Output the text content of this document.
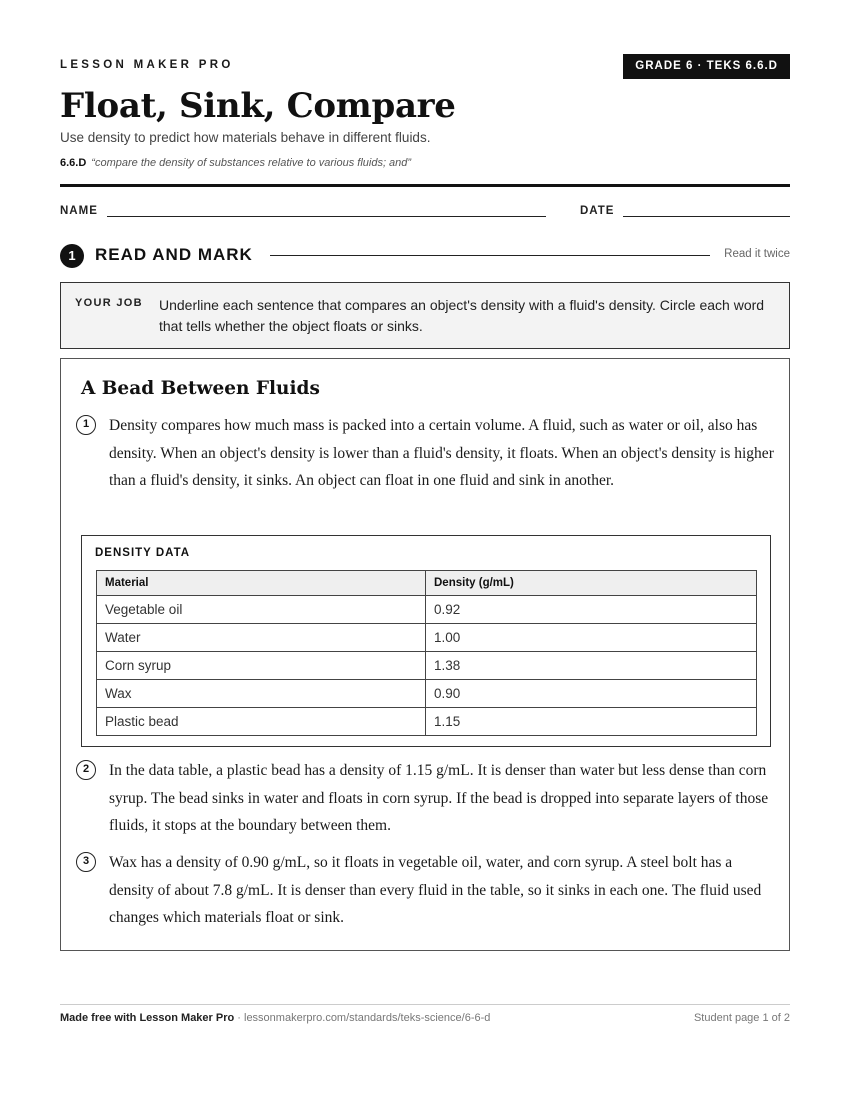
LESSON MAKER PRO	GRADE 6 · TEKS 6.6.D
Float, Sink, Compare
Use density to predict how materials behave in different fluids.
6.6.D “compare the density of substances relative to various fluids; and”
NAME	DATE
1	READ AND MARK	Read it twice
YOUR JOB Underline each sentence that compares an object's density with a fluid's density. Circle each word that tells whether the object floats or sinks.
A Bead Between Fluids
1	Density compares how much mass is packed into a certain volume. A fluid, such as water or oil, also has density. When an object's density is lower than a fluid's density, it floats. When an object's density is higher than a fluid's density, it sinks. An object can float in one fluid and sink in another.

DENSITY DATA
Material	Density (g/mL)
Vegetable oil	0.92
Water	1.00
Corn syrup	1.38
Wax	0.90
Plastic bead	1.15
2	In the data table, a plastic bead has a density of 1.15 g/mL. It is denser than water but less dense than corn syrup. The bead sinks in water and floats in corn syrup. If the bead is dropped into separate layers of those fluids, it stops at the boundary between them.

3	Wax has a density of 0.90 g/mL, so it floats in vegetable oil, water, and corn syrup. A steel bolt has a density of about 7.8 g/mL. It is denser than every fluid in the table, so it sinks in each one. The fluid used changes which materials float or sink.

Made free with Lesson Maker Pro · lessonmakerpro.com/standards/teks-science/6-6-d	Student page 1 of 2
